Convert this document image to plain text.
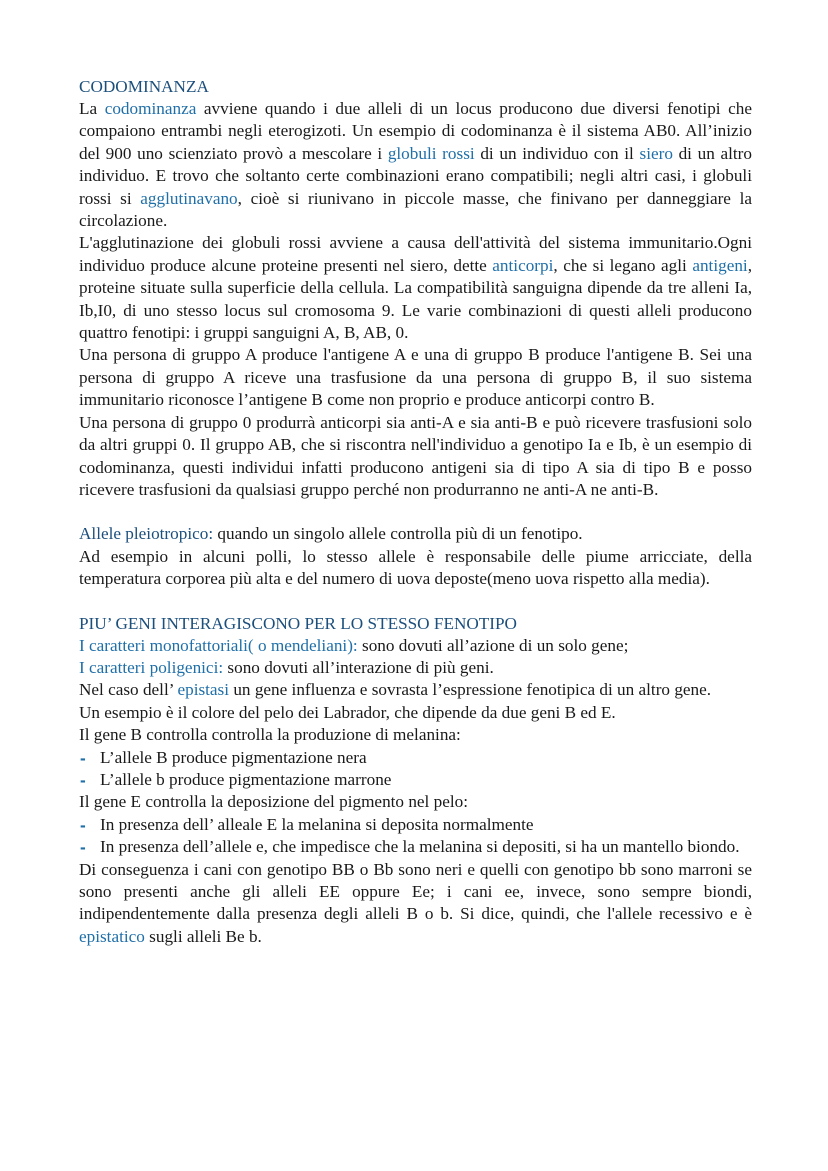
CODOMINANZA

La codominanza avviene quando i due alleli di un locus producono due diversi fenotipi che compaiono entrambi negli eterogizoti. Un esempio di codominanza è il sistema AB0. All’inizio del 900 uno scienziato provò a mescolare i globuli rossi di un individuo con il siero di un altro individuo. E trovo che soltanto certe combinazioni erano compatibili; negli altri casi, i globuli rossi si agglutinavano, cioè si riunivano in piccole masse, che finivano per danneggiare la circolazione.

L'agglutinazione dei globuli rossi avviene a causa dell'attività del sistema immunitario.Ogni individuo produce alcune proteine presenti nel siero, dette anticorpi, che si legano agli antigeni, proteine situate sulla superficie della cellula. La compatibilità sanguigna dipende da tre alleni Ia, Ib,I0, di uno stesso locus sul cromosoma 9. Le varie combinazioni di questi alleli producono quattro fenotipi: i gruppi sanguigni A, B, AB, 0.

Una persona di gruppo A produce l'antigene A e una di gruppo B produce l'antigene B. Sei una persona di gruppo A riceve una trasfusione da una persona di gruppo B, il suo sistema immunitario riconosce l’antigene B come non proprio e produce anticorpi contro B.

Una persona di gruppo 0 produrrà anticorpi sia anti-A e sia anti-B e può ricevere trasfusioni solo da altri gruppi 0. Il gruppo AB, che si riscontra nell'individuo a genotipo Ia e Ib, è un esempio di codominanza, questi individui infatti producono antigeni sia di tipo A sia di tipo B e posso ricevere trasfusioni da qualsiasi gruppo perché non produrranno ne anti-A ne anti-B.

Allele pleiotropico: quando un singolo allele controlla più di un fenotipo.

Ad esempio in alcuni polli, lo stesso allele è responsabile delle piume arricciate, della temperatura corporea più alta e del numero di uova deposte(meno uova rispetto alla media).

PIU’ GENI INTERAGISCONO PER LO STESSO FENOTIPO

I caratteri monofattoriali( o mendeliani): sono dovuti all’azione di un solo gene;

I caratteri poligenici: sono dovuti all’interazione di più geni.

Nel caso dell’ epistasi un gene influenza e sovrasta l’espressione fenotipica di un altro gene.

Un esempio è il colore del pelo dei Labrador, che dipende da due geni B ed E.

Il gene B controlla controlla la produzione di melanina:

- L’allele B produce pigmentazione nera
- L’allele b produce pigmentazione marrone

Il gene E controlla la deposizione del pigmento nel pelo:

- In presenza dell’ alleale E la melanina si deposita normalmente
- In presenza dell’allele e, che impedisce che la melanina si depositi, si ha un mantello biondo.

Di conseguenza i cani con genotipo BB o Bb sono neri e quelli con genotipo bb sono marroni se sono presenti anche gli alleli EE oppure Ee; i cani ee, invece, sono sempre biondi, indipendentemente dalla presenza degli alleli B o b. Si dice, quindi, che l'allele recessivo e è epistatico sugli alleli Be b.
